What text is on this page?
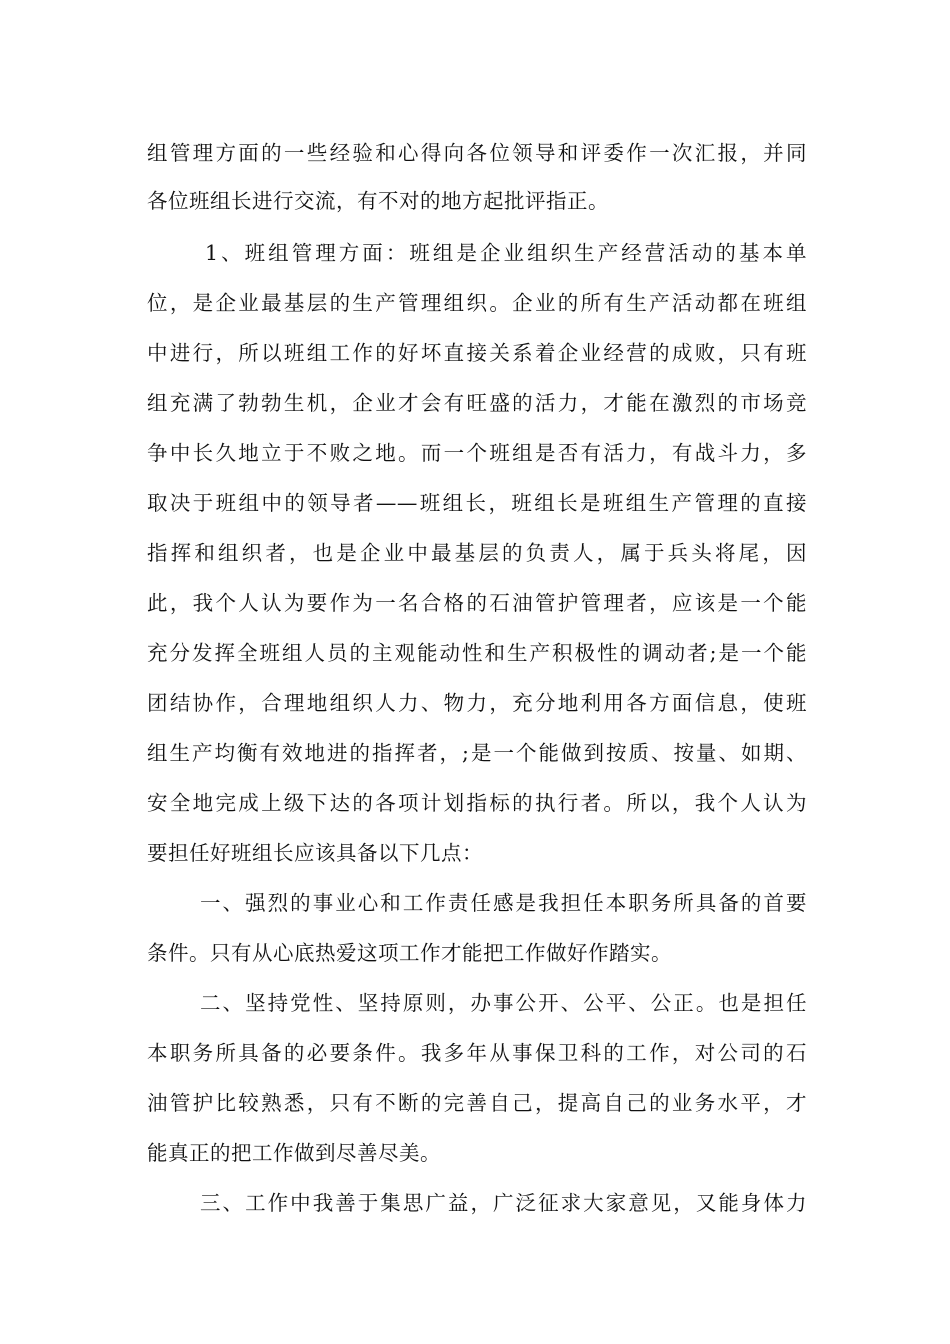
组管理方面的一些经验和心得向各位领导和评委作一次汇报，并同
各位班组长进行交流，有不对的地方起批评指正。
1、班组管理方面：班组是企业组织生产经营活动的基本单
位，是企业最基层的生产管理组织。企业的所有生产活动都在班组
中进行，所以班组工作的好坏直接关系着企业经营的成败，只有班
组充满了勃勃生机，企业才会有旺盛的活力，才能在激烈的市场竞
争中长久地立于不败之地。而一个班组是否有活力，有战斗力，多
取决于班组中的领导者——班组长，班组长是班组生产管理的直接
指挥和组织者，也是企业中最基层的负责人，属于兵头将尾，因
此，我个人认为要作为一名合格的石油管护管理者，应该是一个能
充分发挥全班组人员的主观能动性和生产积极性的调动者;是一个能
团结协作，合理地组织人力、物力，充分地利用各方面信息，使班
组生产均衡有效地进的指挥者，;是一个能做到按质、按量、如期、
安全地完成上级下达的各项计划指标的执行者。所以，我个人认为
要担任好班组长应该具备以下几点：
一、强烈的事业心和工作责任感是我担任本职务所具备的首要
条件。只有从心底热爱这项工作才能把工作做好作踏实。
二、坚持党性、坚持原则，办事公开、公平、公正。也是担任
本职务所具备的必要条件。我多年从事保卫科的工作，对公司的石
油管护比较熟悉，只有不断的完善自己，提高自己的业务水平，才
能真正的把工作做到尽善尽美。
三、工作中我善于集思广益，广泛征求大家意见，又能身体力
